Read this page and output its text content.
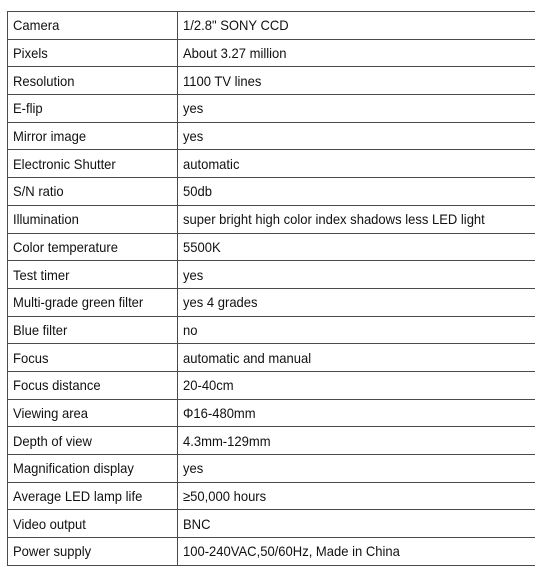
Camera	1/2.8" SONY CCD
Pixels	About 3.27 million
Resolution	1100 TV lines
E-flip	yes
Mirror image	yes
Electronic Shutter	automatic
S/N ratio	50db
Illumination	super bright high color index shadows less LED light
Color temperature	5500K
Test timer	yes
Multi-grade green filter	yes 4 grades
Blue filter	no
Focus	automatic and manual
Focus distance	20-40cm
Viewing area	Φ16-480mm
Depth of view	4.3mm-129mm
Magnification display	yes
Average LED lamp life	≥50,000 hours
Video output	BNC
Power supply	100-240VAC,50/60Hz, Made in China
